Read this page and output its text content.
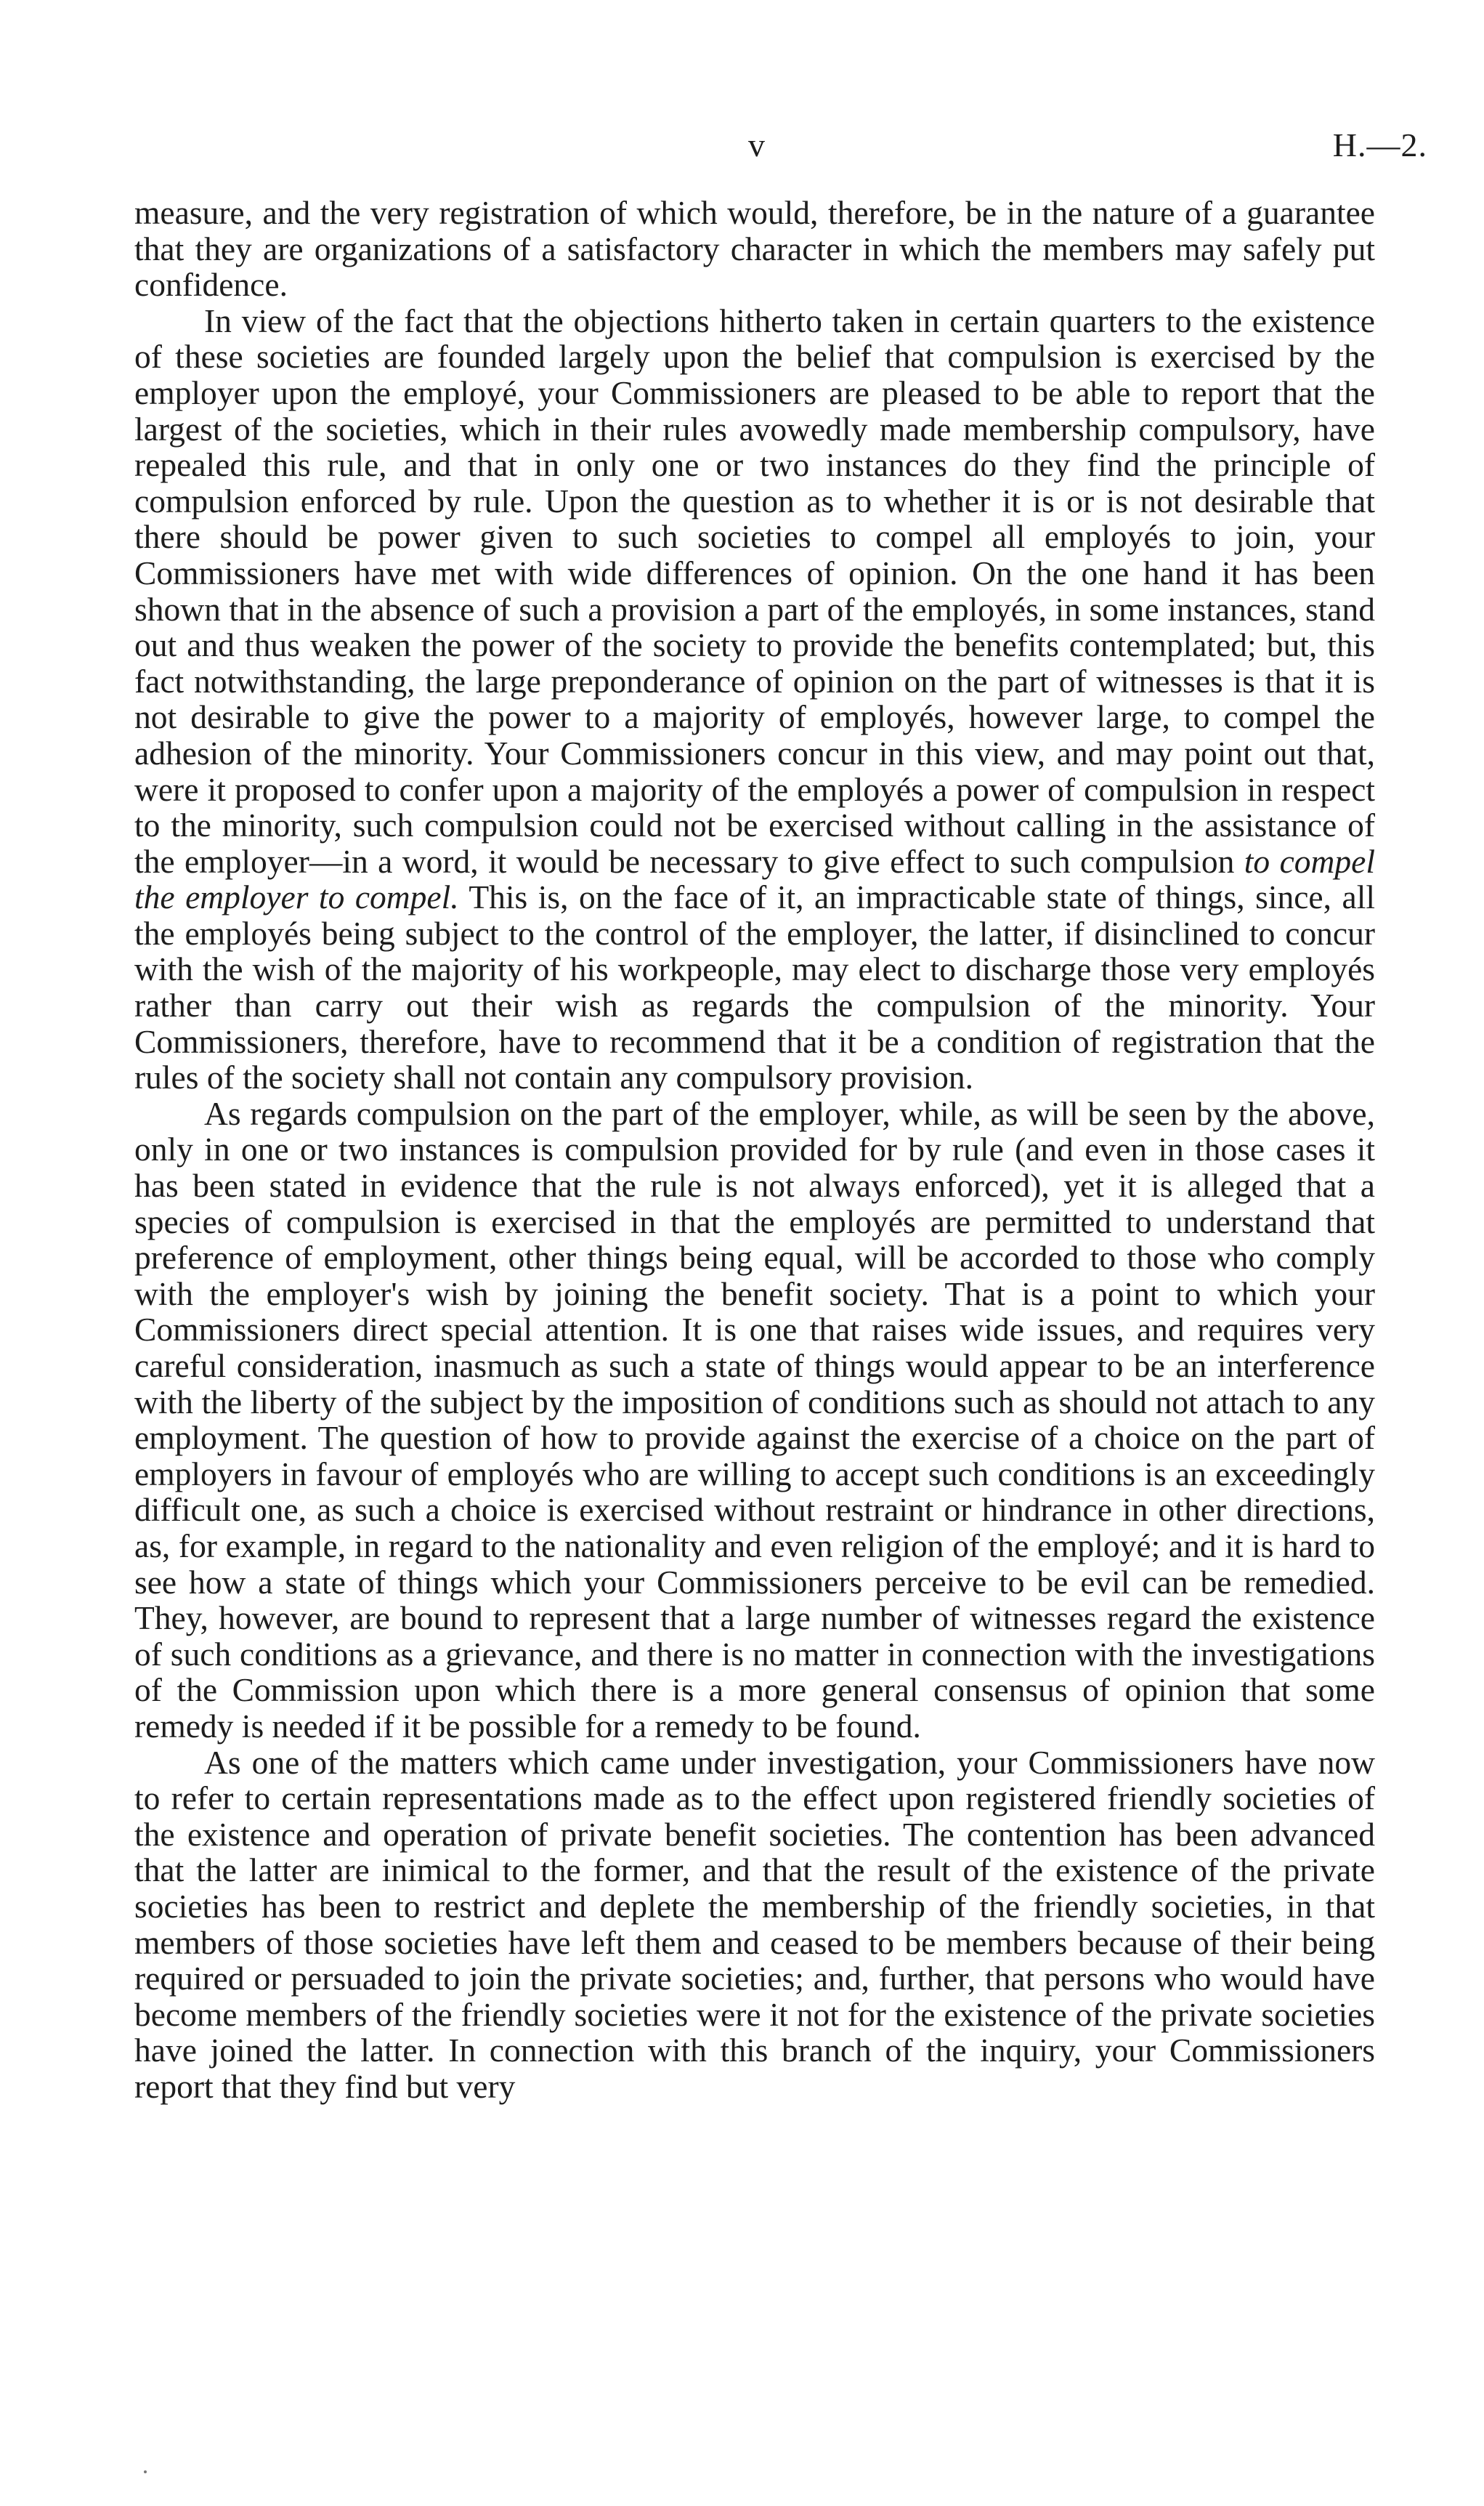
v	H.—2.

measure, and the very registration of which would, therefore, be in the nature of a guarantee that they are organizations of a satisfactory character in which the members may safely put confidence.

In view of the fact that the objections hitherto taken in certain quarters to the existence of these societies are founded largely upon the belief that compulsion is exercised by the employer upon the employé, your Commissioners are pleased to be able to report that the largest of the societies, which in their rules avowedly made membership compulsory, have repealed this rule, and that in only one or two instances do they find the principle of compulsion enforced by rule. Upon the question as to whether it is or is not desirable that there should be power given to such societies to compel all employés to join, your Commissioners have met with wide differences of opinion. On the one hand it has been shown that in the absence of such a provision a part of the employés, in some instances, stand out and thus weaken the power of the society to provide the benefits contemplated; but, this fact notwithstanding, the large preponderance of opinion on the part of witnesses is that it is not desirable to give the power to a majority of employés, however large, to compel the adhesion of the minority. Your Commissioners concur in this view, and may point out that, were it proposed to confer upon a majority of the employés a power of compulsion in respect to the minority, such compulsion could not be exercised without calling in the assistance of the employer—in a word, it would be necessary to give effect to such compulsion to compel the employer to compel. This is, on the face of it, an impracticable state of things, since, all the employés being subject to the control of the employer, the latter, if disinclined to concur with the wish of the majority of his workpeople, may elect to discharge those very employés rather than carry out their wish as regards the compulsion of the minority. Your Commissioners, therefore, have to recommend that it be a condition of registration that the rules of the society shall not contain any compulsory provision.

As regards compulsion on the part of the employer, while, as will be seen by the above, only in one or two instances is compulsion provided for by rule (and even in those cases it has been stated in evidence that the rule is not always enforced), yet it is alleged that a species of compulsion is exercised in that the employés are permitted to understand that preference of employment, other things being equal, will be accorded to those who comply with the employer's wish by joining the benefit society. That is a point to which your Commissioners direct special attention. It is one that raises wide issues, and requires very careful consideration, inasmuch as such a state of things would appear to be an interference with the liberty of the subject by the imposition of conditions such as should not attach to any employment. The question of how to provide against the exercise of a choice on the part of employers in favour of employés who are willing to accept such conditions is an exceedingly difficult one, as such a choice is exercised without restraint or hindrance in other directions, as, for example, in regard to the nationality and even religion of the employé; and it is hard to see how a state of things which your Commissioners perceive to be evil can be remedied. They, however, are bound to represent that a large number of witnesses regard the existence of such conditions as a grievance, and there is no matter in connection with the investigations of the Commission upon which there is a more general consensus of opinion that some remedy is needed if it be possible for a remedy to be found.

As one of the matters which came under investigation, your Commissioners have now to refer to certain representations made as to the effect upon registered friendly societies of the existence and operation of private benefit societies. The contention has been advanced that the latter are inimical to the former, and that the result of the existence of the private societies has been to restrict and deplete the membership of the friendly societies, in that members of those societies have left them and ceased to be members because of their being required or persuaded to join the private societies; and, further, that persons who would have become members of the friendly societies were it not for the existence of the private societies have joined the latter. In connection with this branch of the inquiry, your Commissioners report that they find but very
